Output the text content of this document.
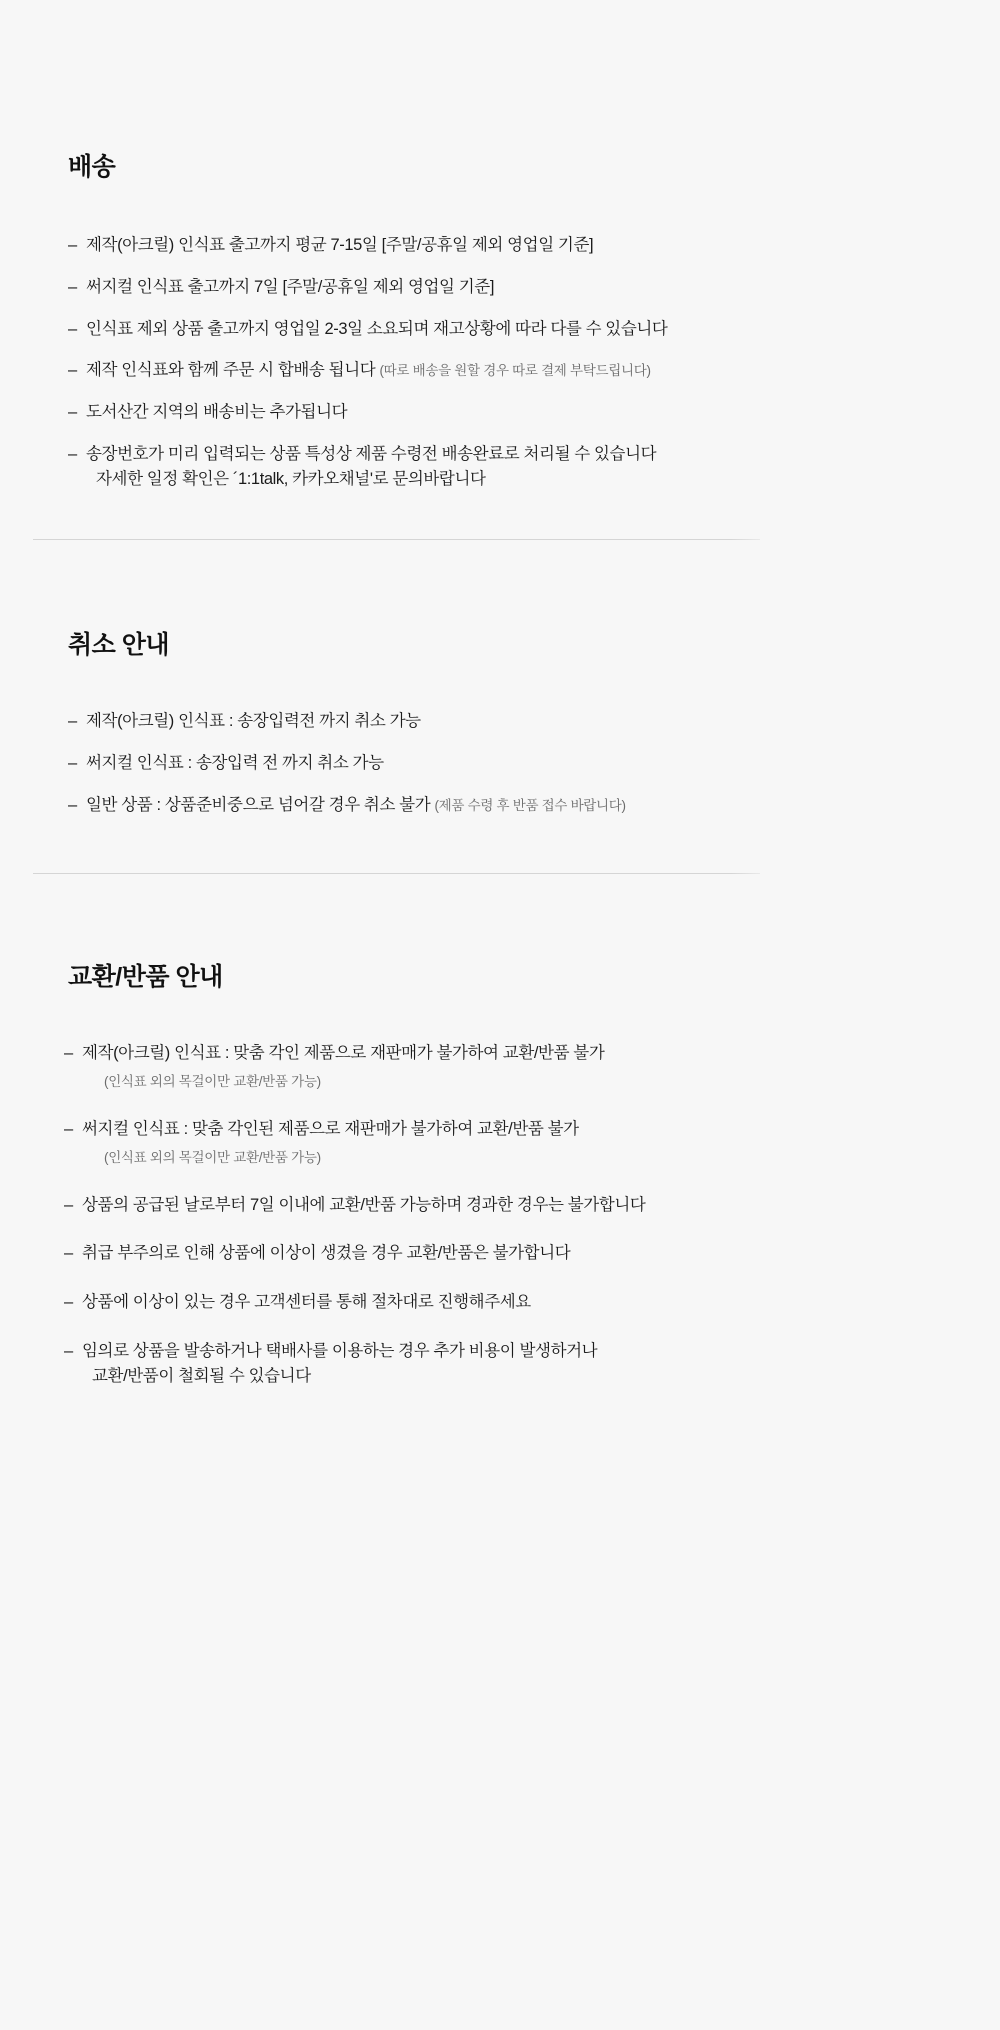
배송
– 제작(아크릴) 인식표 출고까지 평균 7-15일 [주말/공휴일 제외 영업일 기준]
– 써지컬 인식표 출고까지 7일 [주말/공휴일 제외 영업일 기준]
– 인식표 제외 상품 출고까지 영업일 2-3일 소요되며 재고상황에 따라 다를 수 있습니다
– 제작 인식표와 함께 주문 시 합배송 됩니다 (따로 배송을 원할 경우 따로 결제 부탁드립니다)
– 도서산간 지역의 배송비는 추가됩니다
– 송장번호가 미리 입력되는 상품 특성상 제품 수령전 배송완료로 처리될 수 있습니다
자세한 일정 확인은 ´1:1talk, 카카오채널'로 문의바랍니다
취소 안내
– 제작(아크릴) 인식표 : 송장입력전 까지 취소 가능
– 써지컬 인식표 : 송장입력 전 까지 취소 가능
– 일반 상품 : 상품준비중으로 넘어갈 경우 취소 불가 (제품 수령 후 반품 접수 바랍니다)
교환/반품 안내
– 제작(아크릴) 인식표 : 맞춤 각인 제품으로 재판매가 불가하여 교환/반품 불가
(인식표 외의 목걸이만 교환/반품 가능)
– 써지컬 인식표 : 맞춤 각인된 제품으로 재판매가 불가하여 교환/반품 불가
(인식표 외의 목걸이만 교환/반품 가능)
– 상품의 공급된 날로부터 7일 이내에 교환/반품 가능하며 경과한 경우는 불가합니다
– 취급 부주의로 인해 상품에 이상이 생겼을 경우 교환/반품은 불가합니다
– 상품에 이상이 있는 경우 고객센터를 통해 절차대로 진행해주세요
– 임의로 상품을 발송하거나 택배사를 이용하는 경우 추가 비용이 발생하거나
교환/반품이 철회될 수 있습니다
